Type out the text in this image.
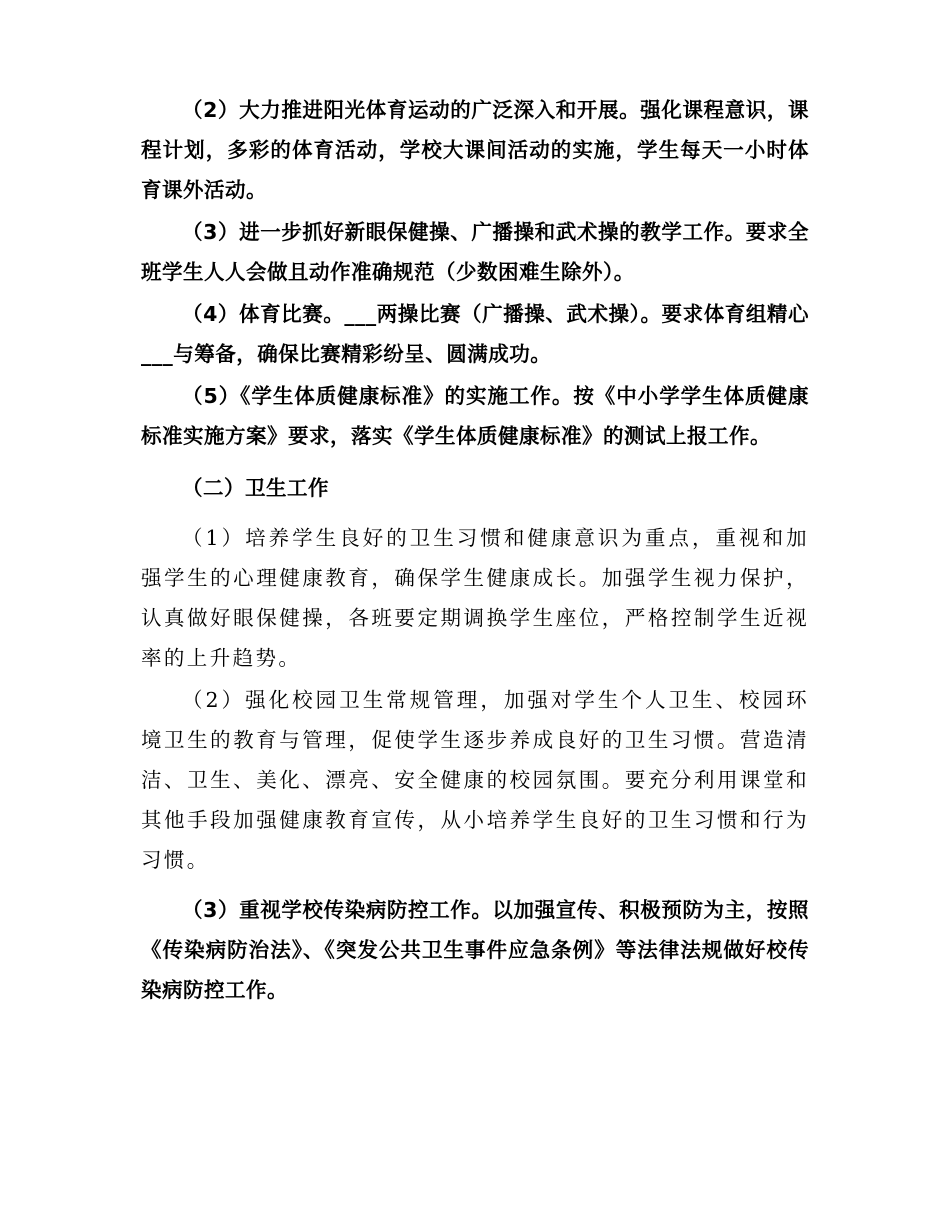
（2）大力推进阳光体育运动的广泛深入和开展。强化课程意识，课程计划，多彩的体育活动，学校大课间活动的实施，学生每天一小时体育课外活动。

（3）进一步抓好新眼保健操、广播操和武术操的教学工作。要求全班学生人人会做且动作准确规范（少数困难生除外）。

（4）体育比赛。___两操比赛（广播操、武术操）。要求体育组精心___与筹备，确保比赛精彩纷呈、圆满成功。

（5）《学生体质健康标准》的实施工作。按《中小学学生体质健康标准实施方案》要求，落实《学生体质健康标准》的测试上报工作。

（二）卫生工作

（1）培养学生良好的卫生习惯和健康意识为重点，重视和加强学生的心理健康教育，确保学生健康成长。加强学生视力保护，认真做好眼保健操，各班要定期调换学生座位，严格控制学生近视率的上升趋势。

（2）强化校园卫生常规管理，加强对学生个人卫生、校园环境卫生的教育与管理，促使学生逐步养成良好的卫生习惯。营造清洁、卫生、美化、漂亮、安全健康的校园氛围。要充分利用课堂和其他手段加强健康教育宣传，从小培养学生良好的卫生习惯和行为习惯。

（3）重视学校传染病防控工作。以加强宣传、积极预防为主，按照《传染病防治法》、《突发公共卫生事件应急条例》等法律法规做好校传染病防控工作。
